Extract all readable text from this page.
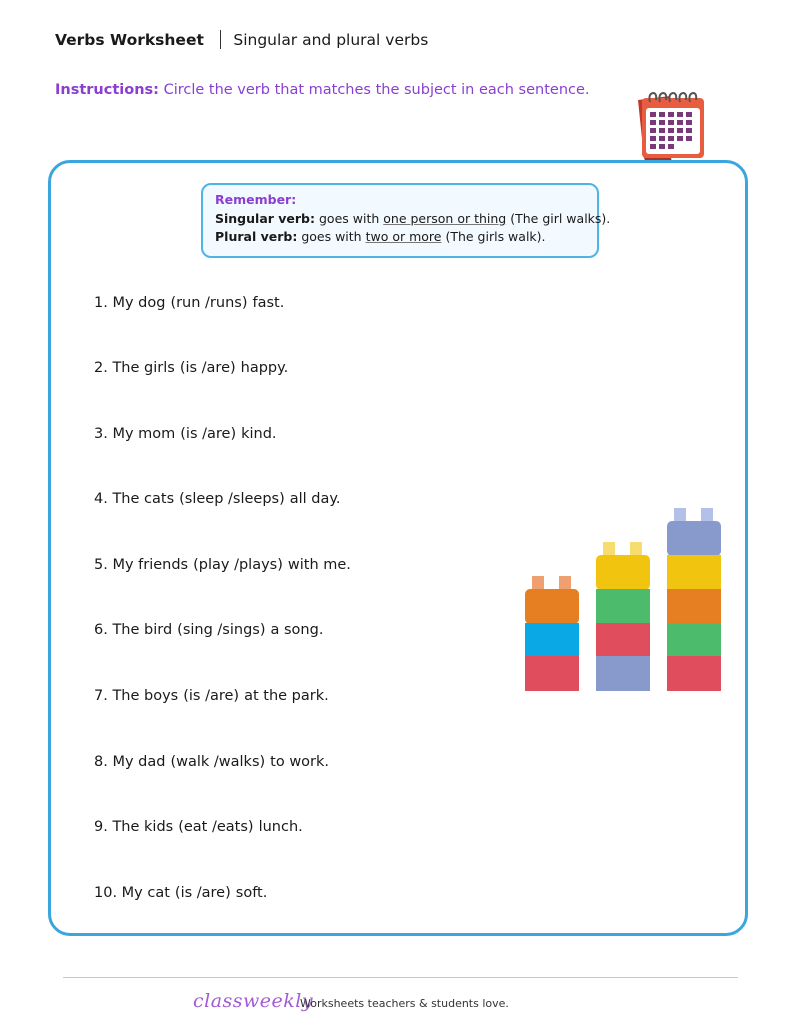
Verbs Worksheet Singular and plural verbs
Instructions: Circle the verb that matches the subject in each sentence.
Remember:
Singular verb: goes with one person or thing (The girl walks).
Plural verb: goes with two or more (The girls walk).
1. My dog (run /runs) fast.
2. The girls (is /are) happy.
3. My mom (is /are) kind.
4. The cats (sleep /sleeps) all day.
5. My friends (play /plays) with me.
6. The bird (sing /sings) a song.
7. The boys (is /are) at the park.
8. My dad (walk /walks) to work.
9. The kids (eat /eats) lunch.
10. My cat (is /are) soft.
classweekly
Worksheets teachers & students love.
